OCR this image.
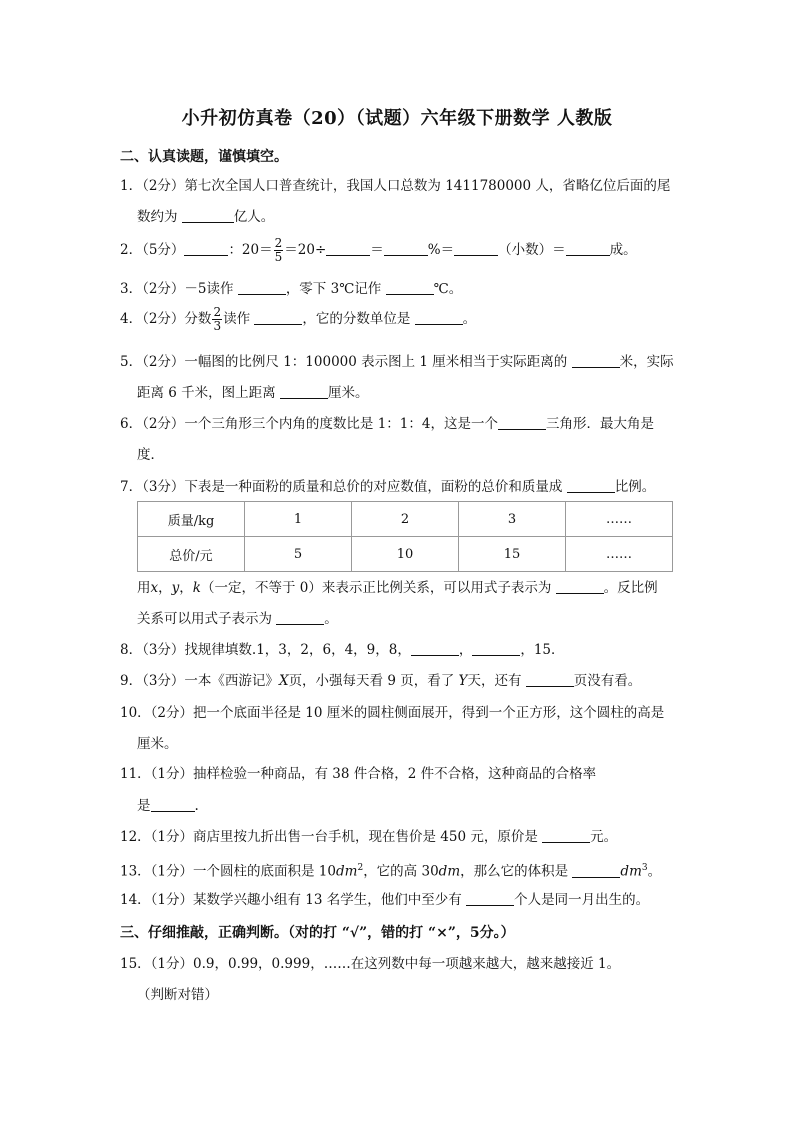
小升初仿真卷（20）（试题）六年级下册数学 人教版
二、认真读题，谨慎填空。
1．（2分）第七次全国人口普查统计，我国人口总数为 1411780000 人，省略亿位后面的尾
数约为	亿人。
2．（5分）	：$20= \frac{2}{5} =20\div$	＝	%＝	（小数）＝	成。
3．（2分）－5读作	，零下 3℃记作	℃。
4．（2分）分数 $\frac{2}{3}$ 读作	，它的分数单位是	。
5．（2分）一幅图的比例尺 1：100000 表示图上 1 厘米相当于实际距离的	米，实际
距离 6 千米，图上距离	厘米。
6．（2分）一个三角形三个内角的度数比是 1：1：4，这是一个	三角形．最大角是
度．
7．（3分）下表是一种面粉的质量和总价的对应数值，面粉的总价和质量成	比例。
质量/kg	1	2	3	……
总价/元	5	10	15	……
用x，y，k（一定，不等于 0）来表示正比例关系，可以用式子表示为	。反比例
关系可以用式子表示为	。
8．（3分）找规律填数.1，3，2，6，4，9，8，	，	，15．
9．（3分）一本《西游记》X页，小强每天看 9 页，看了 Y天，还有	页没有看。
10．（2分）把一个底面半径是 10 厘米的圆柱侧面展开，得到一个正方形，这个圆柱的高是
厘米。
11．（1分）抽样检验一种商品，有 38 件合格，2 件不合格，这种商品的合格率
是	.
12．（1分）商店里按九折出售一台手机，现在售价是 450 元，原价是	元。
13．（1分）一个圆柱的底面积是 $10dm^2$，它的高 30dm，那么它的体积是	$dm^3$。
14．（1分）某数学兴趣小组有 13 名学生，他们中至少有	个人是同一月出生的。
三、仔细推敲，正确判断。（对的打 “√”，错的打 “×”，5分。）
15．（1分）0.9，0.99，0.999，……在这列数中每一项越来越大，越来越接近 1。
（判断对错）
